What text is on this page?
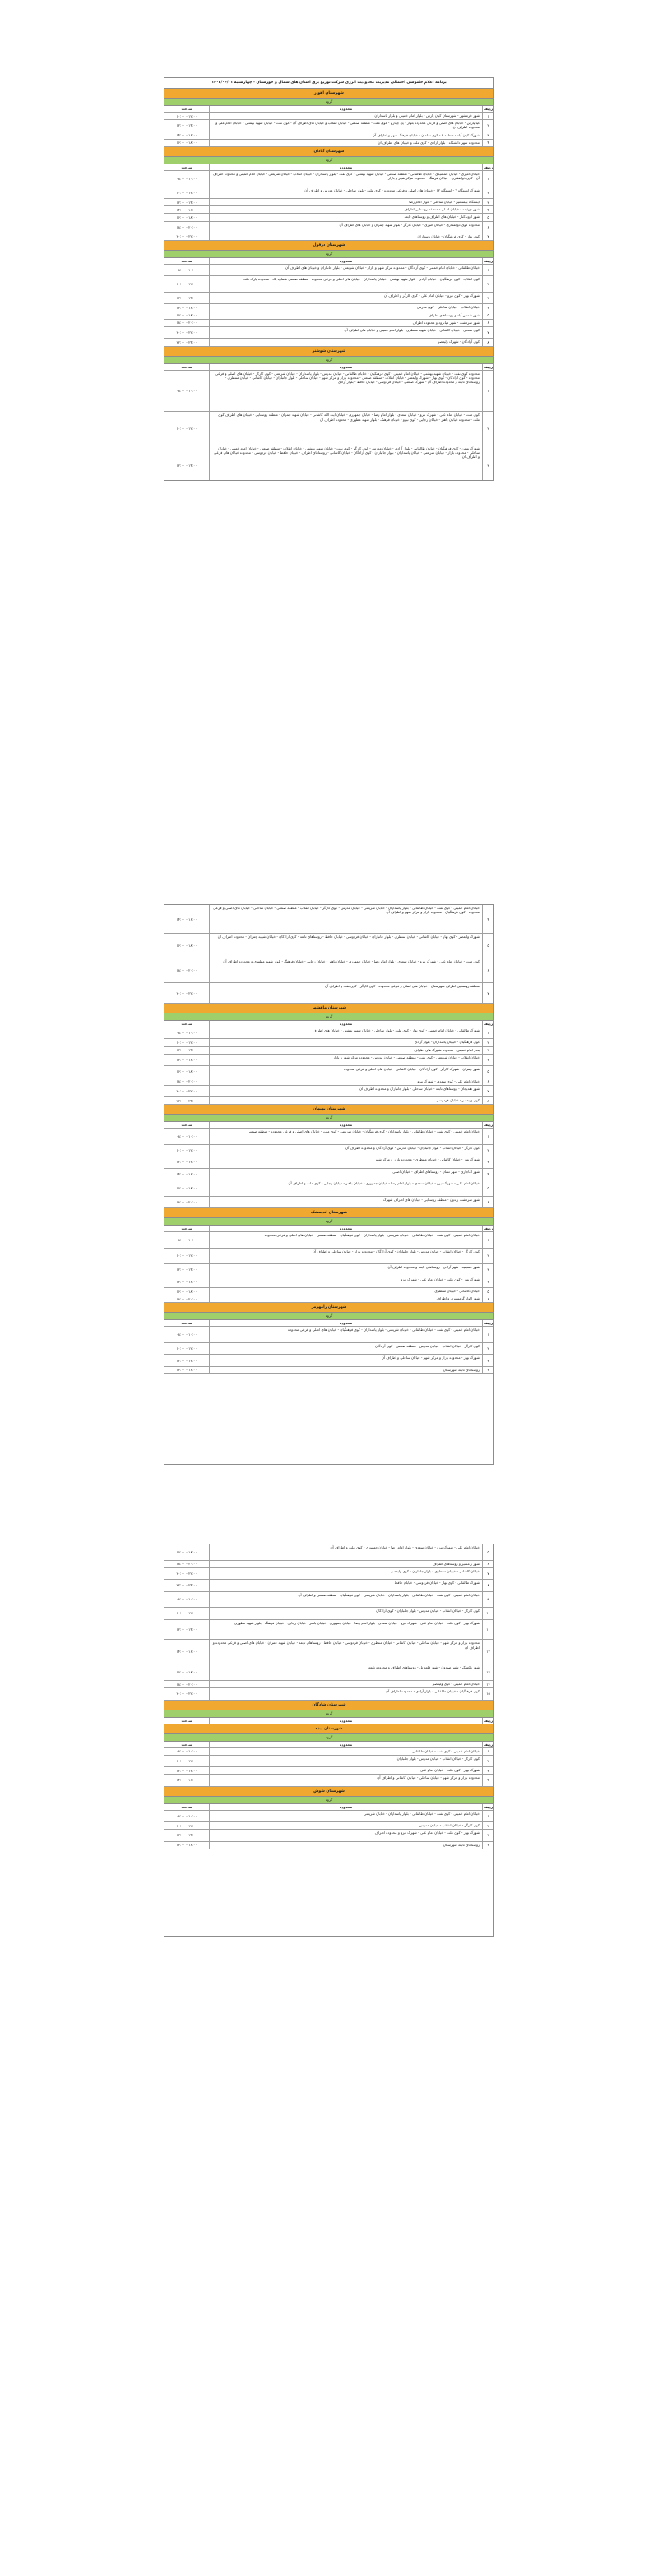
برنامه اعلام خاموشی احتمالی مدیریت محدودیت انرژی شرکت توزیع برق استان های شمال و خوزستان - چهارشنبه ۱۴۰۲/۰۴/۲۱
شهرستان اهواز
گروه
ردیف
محدوده
ساعت
۱
شهر خرمشهر - شهرستان کیان پارس - بلوار امام خمینی و بلوار پاسداران
۱۰:۰۰ - ۱۲:۰۰
۲
کیانپارس - خیابان های اصلی و فرعی محدوده بلوار - پل چهارم - کوی ملت - منطقه صنعتی - خیابان انقلاب و خیابان های اطراف آن - کوی نفت - خیابان شهید بهشتی - خیابان امام علی و محدوده اطراف آن
۱۲:۰۰ - ۱۴:۰۰
۳
شهرک کیان آباد - منطقه ۸ - کوی سلمان - خیابان فرهنگ شهر و اطراف آن
۱۴:۰۰ - ۱۶:۰۰
۴
محدوده شهر دانشگاه - بلوار آزادی - کوی ملت و خیابان های اطراف آن
۱۶:۰۰ - ۱۸:۰۰
شهرستان آبادان
گروه
ردیف
محدوده
ساعت
۱
خیابان امیری - خیابان جمشیدی - خیابان طالقانی - منطقه صنعتی - خیابان شهید بهشتی - کوی نفت - بلوار پاسداران - خیابان انقلاب - خیابان شریعتی - خیابان امام خمینی و محدوده اطراف آن - کوی ذوالفقاری - خیابان فرهنگ - محدوده مرکز شهر و بازار
۰۸:۰۰ - ۱۰:۰۰
۲
شهرک ایستگاه ۷ - ایستگاه ۱۲ - خیابان های اصلی و فرعی محدوده - کوی ملت - بلوار ساحلی - خیابان مدرس و اطراف آن
۱۰:۰۰ - ۱۲:۰۰
۳
ایستگاه بهمنشیر - خیابان ساحلی - بلوار امام رضا
۱۲:۰۰ - ۱۴:۰۰
۴
شهر چوئبده - خیابان اصلی - منطقه روستایی اطراف
۱۴:۰۰ - ۱۶:۰۰
۵
شهر اروندکنار - خیابان های اطراف و روستاهای تابعه
۱۶:۰۰ - ۱۸:۰۰
۶
محدوده کوی ذوالفقاری - خیابان امیری - خیابان کارگر - بلوار شهید چمران و خیابان های اطراف آن
۱۸:۰۰ - ۲۰:۰۰
۷
کوی بهار - کوی فرهنگیان - خیابان پاسداران
۲۰:۰۰ - ۲۲:۰۰
شهرستان دزفول
گروه
ردیف
محدوده
ساعت
۱
خیابان طالقانی - خیابان امام خمینی - کوی آزادگان - محدوده مرکز شهر و بازار - خیابان شریعتی - بلوار جانبازان و خیابان های اطراف آن
۰۸:۰۰ - ۱۰:۰۰
۲
کوی انقلاب - کوی فرهنگیان - خیابان آزادی - بلوار شهید بهشتی - خیابان پاسداران - خیابان های اصلی و فرعی محدوده - منطقه صنعتی شماره یک - محدوده پارک ملت
۱۰:۰۰ - ۱۲:۰۰
۳
شهرک بهار - کوی نیرو - خیابان امام علی - کوی کارگر و اطراف آن
۱۲:۰۰ - ۱۴:۰۰
۴
خیابان انقلاب - خیابان ساحلی - کوی مدرس
۱۴:۰۰ - ۱۶:۰۰
۵
شهر شمس آباد و روستاهای اطراف
۱۶:۰۰ - ۱۸:۰۰
۶
شهر سردشت - شهر میانرود و محدوده اطراف
۱۸:۰۰ - ۲۰:۰۰
۷
کوی سعدی - خیابان کاشانی - خیابان شهید منتظری - بلوار امام خمینی و خیابان های اطراف آن
۲۰:۰۰ - ۲۲:۰۰
۸
کوی آزادگان - شهرک ولیعصر
۲۲:۰۰ - ۲۴:۰۰
شهرستان شوشتر
گروه
ردیف
محدوده
ساعت
۱
محدوده کوی نفت - خیابان شهید بهشتی - خیابان امام خمینی - کوی فرهنگیان - خیابان طالقانی - خیابان مدرس - بلوار پاسداران - خیابان شریعتی - کوی کارگر - خیابان های اصلی و فرعی محدوده - کوی آزادگان - کوی بهار - شهرک ولیعصر - خیابان انقلاب - منطقه صنعتی - محدوده بازار و مرکز شهر - خیابان ساحلی - بلوار جانبازان - خیابان کاشانی - خیابان منتظری - روستاهای تابعه و محدوده اطراف آن - شهرک صنعتی - خیابان فردوسی - خیابان حافظ - بلوار آزادی
۰۸:۰۰ - ۱۰:۰۰
۲
کوی ملت - خیابان امام علی - شهرک نیرو - خیابان سعدی - بلوار امام رضا - خیابان جمهوری - خیابان آیت الله کاشانی - خیابان شهید چمران - منطقه روستایی - خیابان های اطراف کوی ملت - محدوده خیابان باهنر - خیابان رجایی - کوی نیرو - خیابان فرهنگ - بلوار شهید مطهری - محدوده اطراف آن
۱۰:۰۰ - ۱۲:۰۰
۳
شهرک بهمن - کوی فرهنگیان - خیابان طالقانی - بلوار آزادی - خیابان مدرس - کوی کارگر - کوی نفت - خیابان شهید بهشتی - خیابان انقلاب - منطقه صنعتی - خیابان امام خمینی - خیابان ساحلی - محدوده بازار - خیابان شریعتی - خیابان پاسداران - بلوار جانبازان - کوی آزادگان - خیابان کاشانی - روستاهای اطراف - خیابان حافظ - خیابان فردوسی - محدوده خیابان های فرعی و اطراف آن
۱۲:۰۰ - ۱۴:۰۰
۴
خیابان امام خمینی - کوی نفت - خیابان طالقانی - بلوار پاسداران - خیابان شریعتی - خیابان مدرس - کوی کارگر - خیابان انقلاب - منطقه صنعتی - خیابان ساحلی - خیابان های اصلی و فرعی محدوده - کوی فرهنگیان - محدوده بازار و مرکز شهر و اطراف آن
۱۴:۰۰ - ۱۶:۰۰
۵
شهرک ولیعصر - کوی بهار - خیابان کاشانی - خیابان منتظری - بلوار جانبازان - خیابان فردوسی - خیابان حافظ - روستاهای تابعه - کوی آزادگان - خیابان شهید چمران - محدوده اطراف آن
۱۶:۰۰ - ۱۸:۰۰
۶
کوی ملت - خیابان امام علی - شهرک نیرو - خیابان سعدی - بلوار امام رضا - خیابان جمهوری - خیابان باهنر - خیابان رجایی - خیابان فرهنگ - بلوار شهید مطهری و محدوده اطراف آن
۱۸:۰۰ - ۲۰:۰۰
۷
منطقه روستایی اطراف شهرستان - خیابان های اصلی و فرعی محدوده - کوی کارگر - کوی نفت و اطراف آن
۲۰:۰۰ - ۲۲:۰۰
شهرستان ماهشهر
گروه
ردیف
محدوده
ساعت
۱
شهرک طالقانی - خیابان امام خمینی - کوی بهار - کوی ملت - بلوار ساحلی - خیابان شهید بهشتی - خیابان های اطراف
۰۸:۰۰ - ۱۰:۰۰
۲
کوی فرهنگیان - خیابان پاسداران - بلوار آزادی
۱۰:۰۰ - ۱۲:۰۰
۳
بندر امام خمینی - محدوده شهرک های اطراف
۱۲:۰۰ - ۱۴:۰۰
۴
خیابان انقلاب - خیابان شریعتی - کوی نفت - منطقه صنعتی - خیابان مدرس - محدوده مرکز شهر و بازار
۱۴:۰۰ - ۱۶:۰۰
۵
شهر چمران - شهرک کارگر - کوی آزادگان - خیابان کاشانی - خیابان های اصلی و فرعی محدوده
۱۶:۰۰ - ۱۸:۰۰
۶
خیابان امام علی - کوی سعدی - شهرک نیرو
۱۸:۰۰ - ۲۰:۰۰
۷
شهر هندیجان - روستاهای تابعه - خیابان ساحلی - بلوار جانبازان و محدوده اطراف آن
۲۰:۰۰ - ۲۲:۰۰
۸
کوی ولیعصر - خیابان فردوسی
۲۲:۰۰ - ۲۴:۰۰
شهرستان بهبهان
گروه
ردیف
محدوده
ساعت
۱
خیابان امام خمینی - کوی نفت - خیابان طالقانی - بلوار پاسداران - کوی فرهنگیان - خیابان شریعتی - کوی ملت - خیابان های اصلی و فرعی محدوده - منطقه صنعتی
۰۸:۰۰ - ۱۰:۰۰
۲
کوی کارگر - خیابان انقلاب - بلوار جانبازان - خیابان مدرس - کوی آزادگان و محدوده اطراف آن
۱۰:۰۰ - ۱۲:۰۰
۳
شهرک بهار - خیابان کاشانی - خیابان منتظری - محدوده بازار و مرکز شهر
۱۲:۰۰ - ۱۴:۰۰
۴
شهر آغاجاری - شهر تشان - روستاهای اطراف - خیابان اصلی
۱۴:۰۰ - ۱۶:۰۰
۵
خیابان امام علی - شهرک نیرو - خیابان سعدی - بلوار امام رضا - خیابان جمهوری - خیابان باهنر - خیابان رجایی - کوی ملت و اطراف آن
۱۶:۰۰ - ۱۸:۰۰
۶
شهر سردشت زیدون - منطقه روستایی - خیابان های اطراف شهرک
۱۸:۰۰ - ۲۰:۰۰
شهرستان اندیمشک
گروه
ردیف
محدوده
ساعت
۱
خیابان امام خمینی - کوی نفت - خیابان طالقانی - خیابان شریعتی - بلوار پاسداران - کوی فرهنگیان - منطقه صنعتی - خیابان های اصلی و فرعی محدوده
۰۸:۰۰ - ۱۰:۰۰
۲
کوی کارگر - خیابان انقلاب - خیابان مدرس - بلوار جانبازان - کوی آزادگان - محدوده بازار - خیابان ساحلی و اطراف آن
۱۰:۰۰ - ۱۲:۰۰
۳
شهر حسینیه - شهر آزادی - روستاهای تابعه و محدوده اطراف آن
۱۲:۰۰ - ۱۴:۰۰
۴
شهرک بهار - کوی ملت - خیابان امام علی - شهرک نیرو
۱۴:۰۰ - ۱۶:۰۰
۵
خیابان کاشانی - خیابان منتظری
۱۶:۰۰ - ۱۸:۰۰
۶
شهر الوار گرمسیری و اطراف
۱۸:۰۰ - ۲۰:۰۰
شهرستان رامهرمز
گروه
ردیف
محدوده
ساعت
۱
خیابان امام خمینی - کوی نفت - خیابان طالقانی - خیابان شریعتی - بلوار پاسداران - کوی فرهنگیان - خیابان های اصلی و فرعی محدوده
۰۸:۰۰ - ۱۰:۰۰
۲
کوی کارگر - خیابان انقلاب - خیابان مدرس - منطقه صنعتی - کوی آزادگان
۱۰:۰۰ - ۱۲:۰۰
۳
شهرک بهار - محدوده بازار و مرکز شهر - خیابان ساحلی و اطراف آن
۱۲:۰۰ - ۱۴:۰۰
۴
روستاهای تابعه شهرستان
۱۴:۰۰ - ۱۶:۰۰
۵
خیابان امام علی - شهرک نیرو - خیابان سعدی - بلوار امام رضا - خیابان جمهوری - کوی ملت و اطراف آن
۱۶:۰۰ - ۱۸:۰۰
۶
شهر رامشیر و روستاهای اطراف
۱۸:۰۰ - ۲۰:۰۰
۷
خیابان کاشانی - خیابان منتظری - بلوار جانبازان - کوی ولیعصر
۲۰:۰۰ - ۲۲:۰۰
۸
شهرک طالقانی - کوی بهار - خیابان فردوسی - خیابان حافظ
۲۲:۰۰ - ۲۴:۰۰
۹
خیابان امام خمینی - کوی نفت - خیابان طالقانی - بلوار پاسداران - خیابان شریعتی - کوی فرهنگیان - منطقه صنعتی و اطراف آن
۰۸:۰۰ - ۱۰:۰۰
۱۰
کوی کارگر - خیابان انقلاب - خیابان مدرس - بلوار جانبازان - کوی آزادگان
۱۰:۰۰ - ۱۲:۰۰
۱۱
شهرک بهار - کوی ملت - خیابان امام علی - شهرک نیرو - خیابان سعدی - بلوار امام رضا - خیابان جمهوری - خیابان باهنر - خیابان رجایی - خیابان فرهنگ - بلوار شهید مطهری
۱۲:۰۰ - ۱۴:۰۰
۱۲
محدوده بازار و مرکز شهر - خیابان ساحلی - خیابان کاشانی - خیابان منتظری - خیابان فردوسی - خیابان حافظ - روستاهای تابعه - خیابان شهید چمران - خیابان های اصلی و فرعی محدوده و اطراف آن
۱۴:۰۰ - ۱۶:۰۰
۱۳
شهر باغملک - شهر صیدون - شهر قلعه تل - روستاهای اطراف و محدوده تابعه
۱۶:۰۰ - ۱۸:۰۰
۱۴
خیابان امام خمینی - کوی ولیعصر
۱۸:۰۰ - ۲۰:۰۰
۱۵
کوی فرهنگیان - خیابان طالقانی - بلوار آزادی - محدوده اطراف آن
۲۰:۰۰ - ۲۲:۰۰
شهرستان شادگان
گروه
ردیف
محدوده
ساعت
شهرستان ایذه
گروه
ردیف
محدوده
ساعت
۱
خیابان امام خمینی - کوی نفت - خیابان طالقانی
۰۸:۰۰ - ۱۰:۰۰
۲
کوی کارگر - خیابان انقلاب - خیابان مدرس - بلوار جانبازان
۱۰:۰۰ - ۱۲:۰۰
۳
شهرک بهار - کوی ملت - خیابان امام علی
۱۲:۰۰ - ۱۴:۰۰
۴
محدوده بازار و مرکز شهر - خیابان ساحلی - خیابان کاشانی و اطراف آن
۱۴:۰۰ - ۱۶:۰۰
شهرستان شوش
گروه
ردیف
محدوده
ساعت
۱
خیابان امام خمینی - کوی نفت - خیابان طالقانی - بلوار پاسداران - خیابان شریعتی
۰۸:۰۰ - ۱۰:۰۰
۲
کوی کارگر - خیابان انقلاب - خیابان مدرس
۱۰:۰۰ - ۱۲:۰۰
۳
شهرک بهار - کوی ملت - خیابان امام علی - شهرک نیرو و محدوده اطراف
۱۲:۰۰ - ۱۴:۰۰
۴
روستاهای تابعه شهرستان
۱۴:۰۰ - ۱۶:۰۰
